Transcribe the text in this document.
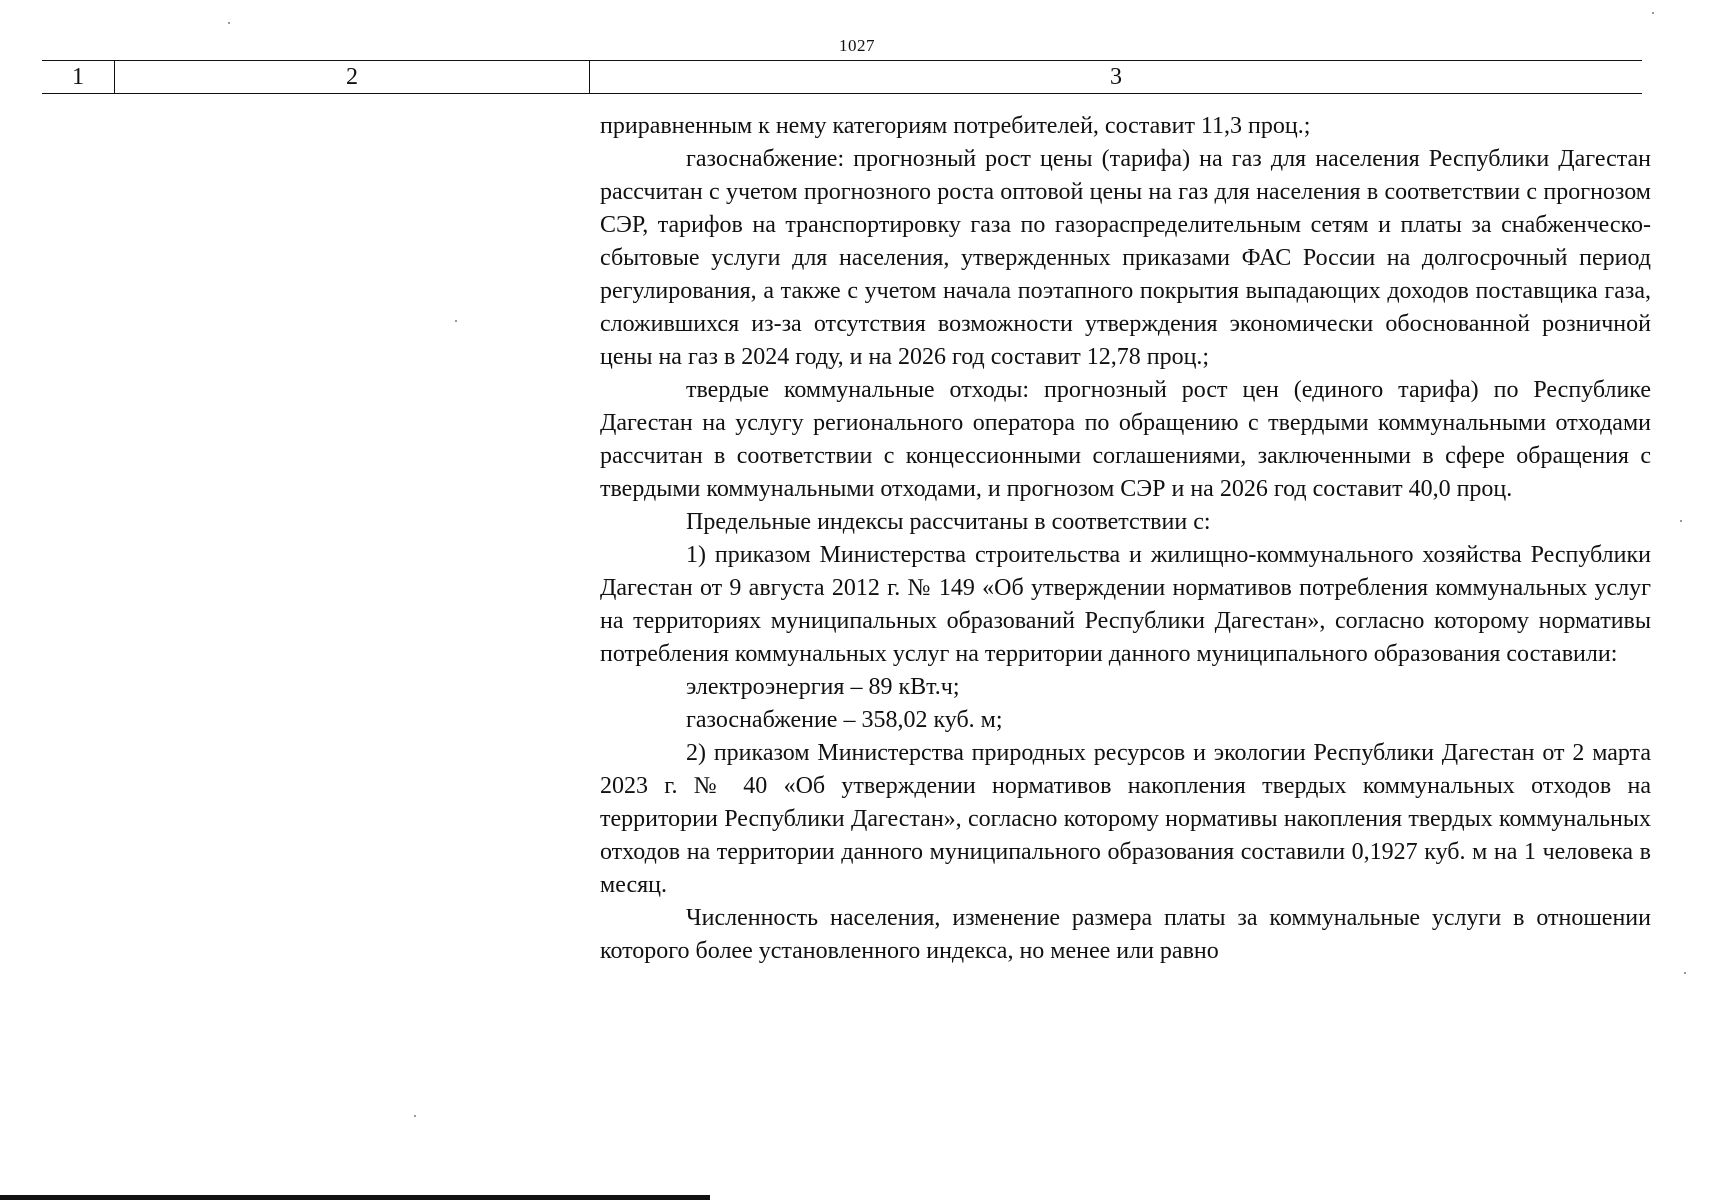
1027
1	2	3

приравненным к нему категориям потребителей, составит 11,3 проц.;

газоснабжение: прогнозный рост цены (тарифа) на газ для населения Республики Дагестан рассчитан с учетом прогнозного роста оптовой цены на газ для населения в соответствии с прогнозом СЭР, тарифов на транспортировку газа по газораспределительным сетям и платы за снабженческо-сбытовые услуги для населения, утвержденных приказами ФАС России на долгосрочный период регулирования, а также с учетом начала поэтапного покрытия выпадающих доходов поставщика газа, сложившихся из-за отсутствия возможности утверждения экономически обоснованной розничной цены на газ в 2024 году, и на 2026 год составит 12,78 проц.;

твердые коммунальные отходы: прогнозный рост цен (единого тарифа) по Республике Дагестан на услугу регионального оператора по обращению с твердыми коммунальными отходами рассчитан в соответствии с концессионными соглашениями, заключенными в сфере обращения с твердыми коммунальными отходами, и прогнозом СЭР и на 2026 год составит 40,0 проц.

Предельные индексы рассчитаны в соответствии с:

1) приказом Министерства строительства и жилищно-коммунального хозяйства Республики Дагестан от 9 августа 2012 г. № 149 «Об утверждении нормативов потребления коммунальных услуг на территориях муниципальных образований Республики Дагестан», согласно которому нормативы потребления коммунальных услуг на территории данного муниципального образования составили:

электроэнергия – 89 кВт.ч;

газоснабжение – 358,02 куб. м;

2) приказом Министерства природных ресурсов и экологии Республики Дагестан от 2 марта 2023 г. № 40 «Об утверждении нормативов накопления твердых коммунальных отходов на территории Республики Дагестан», согласно которому нормативы накопления твердых коммунальных отходов на территории данного муниципального образования составили 0,1927 куб. м на 1 человека в месяц.

Численность населения, изменение размера платы за коммунальные услуги в отношении которого более установленного индекса, но менее или равно
